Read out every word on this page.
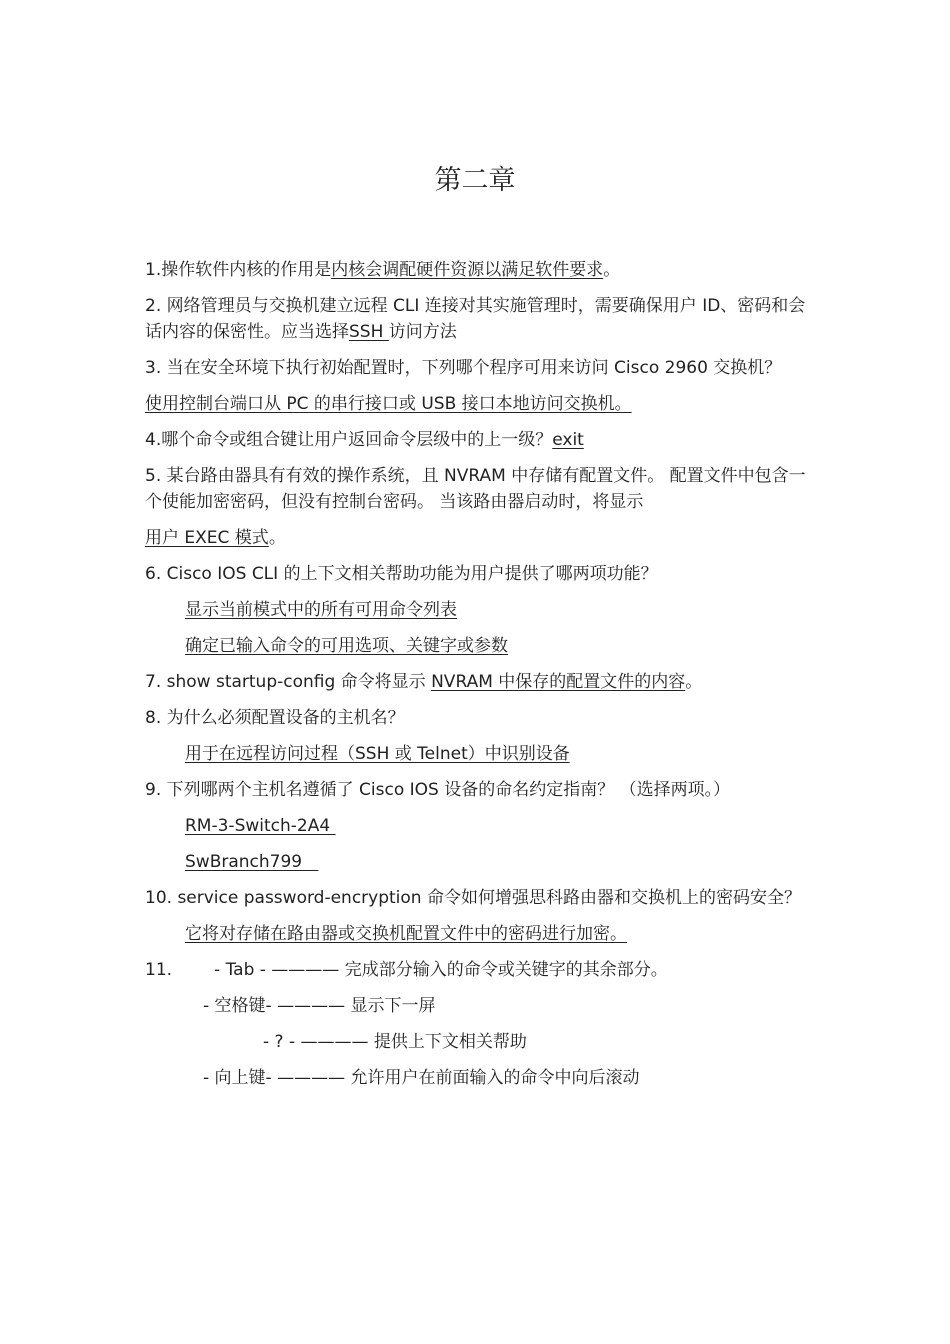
第二章

1.操作软件内核的作用是内核会调配硬件资源以满足软件要求。

2. 网络管理员与交换机建立远程 CLI 连接对其实施管理时，需要确保用户 ID、密码和会话内容的保密性。应当选择SSH 访问方法

3. 当在安全环境下执行初始配置时，下列哪个程序可用来访问 Cisco 2960 交换机？

使用控制台端口从 PC 的串行接口或 USB 接口本地访问交换机。

4.哪个命令或组合键让用户返回命令层级中的上一级？exit

5. 某台路由器具有有效的操作系统，且 NVRAM 中存储有配置文件。 配置文件中包含一个使能加密密码，但没有控制台密码。 当该路由器启动时，将显示

用户 EXEC 模式。

6. Cisco IOS CLI 的上下文相关帮助功能为用户提供了哪两项功能？

显示当前模式中的所有可用命令列表

确定已输入命令的可用选项、关键字或参数

7. show startup-config 命令将显示 NVRAM 中保存的配置文件的内容。

8. 为什么必须配置设备的主机名？

用于在远程访问过程（SSH 或 Telnet）中识别设备

9. 下列哪两个主机名遵循了 Cisco IOS 设备的命名约定指南？ （选择两项。）

RM-3-Switch-2A4

SwBranch799

10. service password-encryption 命令如何增强思科路由器和交换机上的密码安全？

它将对存储在路由器或交换机配置文件中的密码进行加密。

11. - Tab - ———— 完成部分输入的命令或关键字的其余部分。

- 空格键- ———— 显示下一屏

- ? - ———— 提供上下文相关帮助

- 向上键- ———— 允许用户在前面输入的命令中向后滚动
